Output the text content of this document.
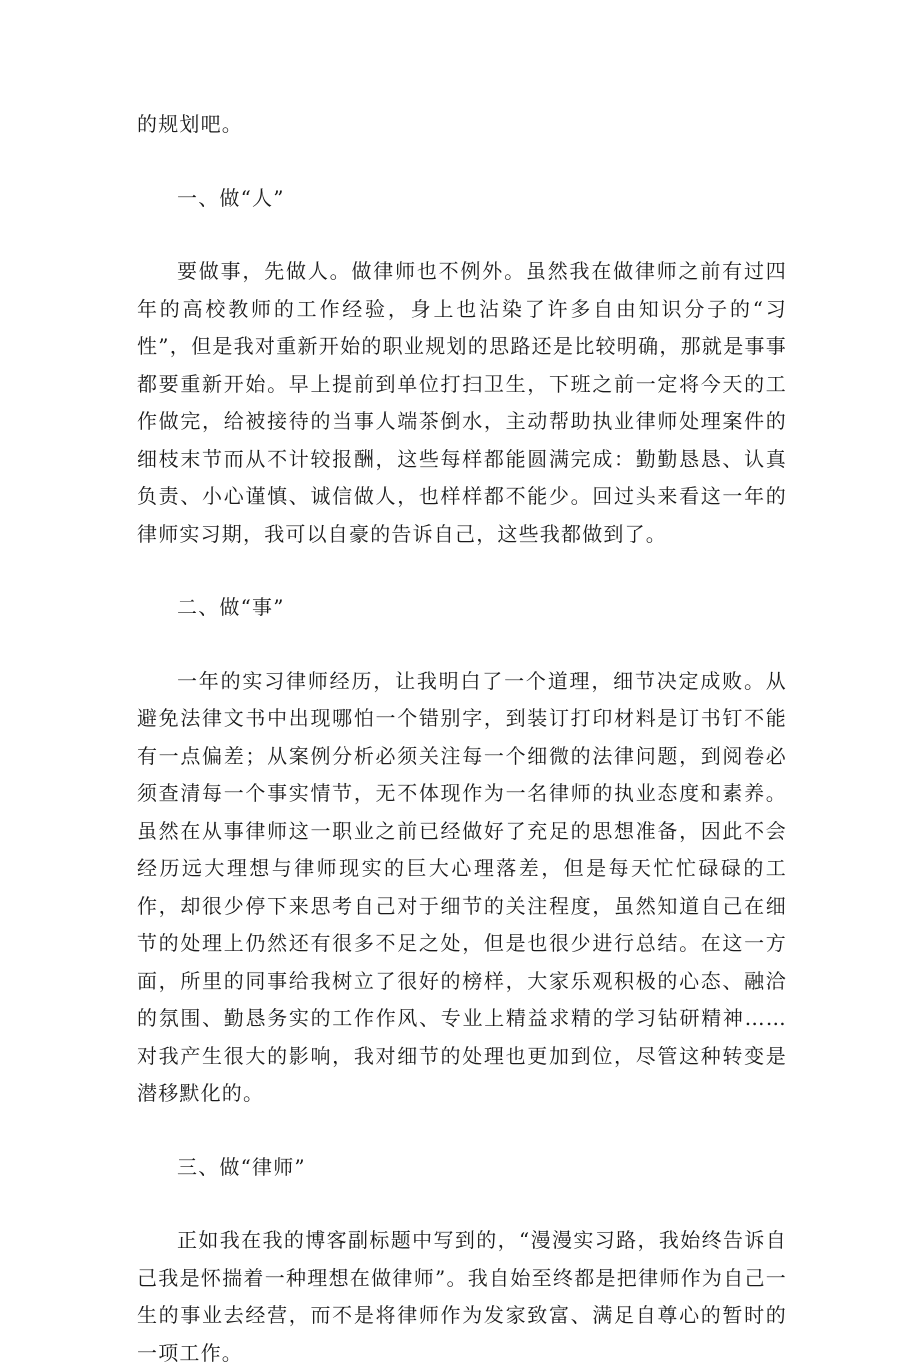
的规划吧。

一、做“人”

要做事，先做人。做律师也不例外。虽然我在做律师之前有过四年的高校教师的工作经验，身上也沾染了许多自由知识分子的“习性”，但是我对重新开始的职业规划的思路还是比较明确，那就是事事都要重新开始。早上提前到单位打扫卫生，下班之前一定将今天的工作做完，给被接待的当事人端茶倒水，主动帮助执业律师处理案件的细枝末节而从不计较报酬，这些每样都能圆满完成：勤勤恳恳、认真负责、小心谨慎、诚信做人，也样样都不能少。回过头来看这一年的律师实习期，我可以自豪的告诉自己，这些我都做到了。

二、做“事”

一年的实习律师经历，让我明白了一个道理，细节决定成败。从避免法律文书中出现哪怕一个错别字，到装订打印材料是订书钉不能有一点偏差；从案例分析必须关注每一个细微的法律问题，到阅卷必须查清每一个事实情节，无不体现作为一名律师的执业态度和素养。虽然在从事律师这一职业之前已经做好了充足的思想准备，因此不会经历远大理想与律师现实的巨大心理落差，但是每天忙忙碌碌的工作，却很少停下来思考自己对于细节的关注程度，虽然知道自己在细节的处理上仍然还有很多不足之处，但是也很少进行总结。在这一方面，所里的同事给我树立了很好的榜样，大家乐观积极的心态、融洽的氛围、勤恳务实的工作作风、专业上精益求精的学习钻研精神……对我产生很大的影响，我对细节的处理也更加到位，尽管这种转变是潜移默化的。

三、做“律师”

正如我在我的博客副标题中写到的，“漫漫实习路，我始终告诉自己我是怀揣着一种理想在做律师”。我自始至终都是把律师作为自己一生的事业去经营，而不是将律师作为发家致富、满足自尊心的暂时的一项工作。
